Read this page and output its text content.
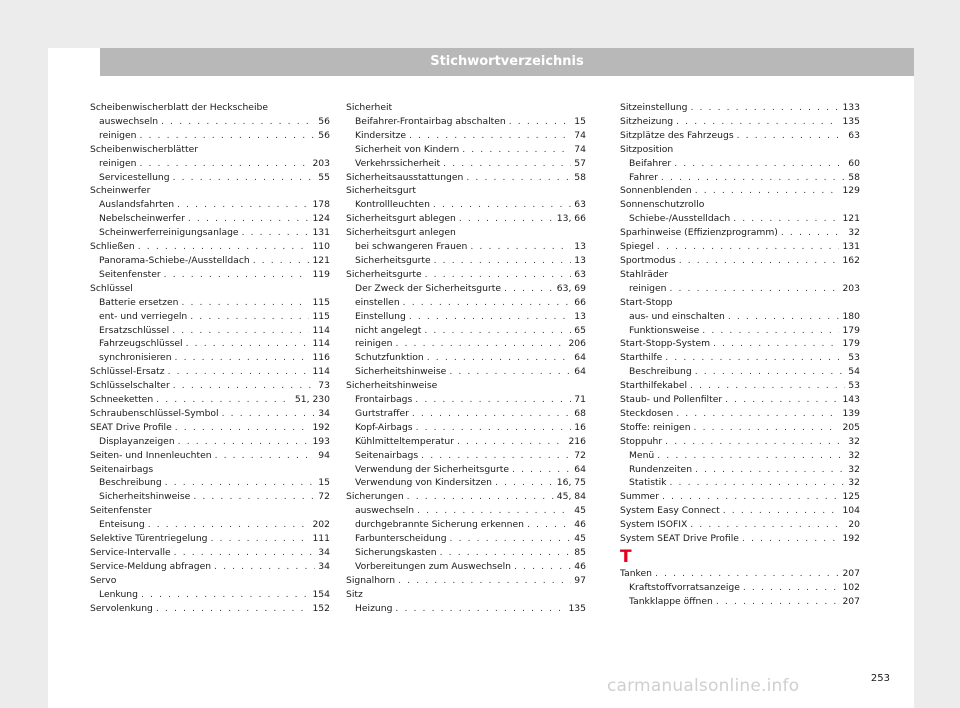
Stichwortverzeichnis
Scheibenwischerblatt der Heckscheibe
auswechseln . . .	56
reinigen . . .	56
Scheibenwischerblätter
reinigen . . .	203
Servicestellung . . .	55
Scheinwerfer
Auslandsfahrten . . .	178
Nebelscheinwerfer . . .	124
Scheinwerferreinigungsanlage . . .	131
Schließen . . .	110
Panorama-Schiebe-/Ausstelldach . . .	121
Seitenfenster . . .	119
Schlüssel
Batterie ersetzen . . .	115
ent- und verriegeln . . .	115
Ersatzschlüssel . . .	114
Fahrzeugschlüssel . . .	114
synchronisieren . . .	116
Schlüssel-Ersatz . . .	114
Schlüsselschalter . . .	73
Schneeketten . . .	51, 230
Schraubenschlüssel-Symbol . . .	34
SEAT Drive Profile . . .	192
Displayanzeigen . . .	193
Seiten- und Innenleuchten . . .	94
Seitenairbags
Beschreibung . . .	15
Sicherheitshinweise . . .	72
Seitenfenster
Enteisung . . .	202
Selektive Türentriegelung . . .	111
Service-Intervalle . . .	34
Service-Meldung abfragen . . .	34
Servo
Lenkung . . .	154
Servolenkung . . .	152
Sicherheit
Beifahrer-Frontairbag abschalten . . .	15
Kindersitze . . .	74
Sicherheit von Kindern . . .	74
Verkehrssicherheit . . .	57
Sicherheitsausstattungen . . .	58
Sicherheitsgurt
Kontrollleuchten . . .	63
Sicherheitsgurt ablegen . . .	13, 66
Sicherheitsgurt anlegen
bei schwangeren Frauen . . .	13
Sicherheitsgurte . . .	13
Sicherheitsgurte . . .	63
Der Zweck der Sicherheitsgurte . . .	63, 69
einstellen . . .	66
Einstellung . . .	13
nicht angelegt . . .	65
reinigen . . .	206
Schutzfunktion . . .	64
Sicherheitshinweise . . .	64
Sicherheitshinweise
Frontairbags . . .	71
Gurtstraffer . . .	68
Kopf-Airbags . . .	16
Kühlmitteltemperatur . . .	216
Seitenairbags . . .	72
Verwendung der Sicherheitsgurte . . .	64
Verwendung von Kindersitzen . . .	16, 75
Sicherungen . . .	45, 84
auswechseln . . .	45
durchgebrannte Sicherung erkennen . . .	46
Farbunterscheidung . . .	45
Sicherungskasten . . .	85
Vorbereitungen zum Auswechseln . . .	46
Signalhorn . . .	97
Sitz
Heizung . . .	135
Sitzeinstellung . . .	133
Sitzheizung . . .	135
Sitzplätze des Fahrzeugs . . .	63
Sitzposition
Beifahrer . . .	60
Fahrer . . .	58
Sonnenblenden . . .	129
Sonnenschutzrollo
Schiebe-/Ausstelldach . . .	121
Sparhinweise (Effizienzprogramm) . . .	32
Spiegel . . .	131
Sportmodus . . .	162
Stahlräder
reinigen . . .	203
Start-Stopp
aus- und einschalten . . .	180
Funktionsweise . . .	179
Start-Stopp-System . . .	179
Starthilfe . . .	53
Beschreibung . . .	54
Starthilfekabel . . .	53
Staub- und Pollenfilter . . .	143
Steckdosen . . .	139
Stoffe: reinigen . . .	205
Stoppuhr . . .	32
Menü . . .	32
Rundenzeiten . . .	32
Statistik . . .	32
Summer . . .	125
System Easy Connect . . .	104
System ISOFIX . . .	20
System SEAT Drive Profile . . .	192
T
Tanken . . .	207
Kraftstoffvorratsanzeige . . .	102
Tankklappe öffnen . . .	207
253
carmanualsonline.info
